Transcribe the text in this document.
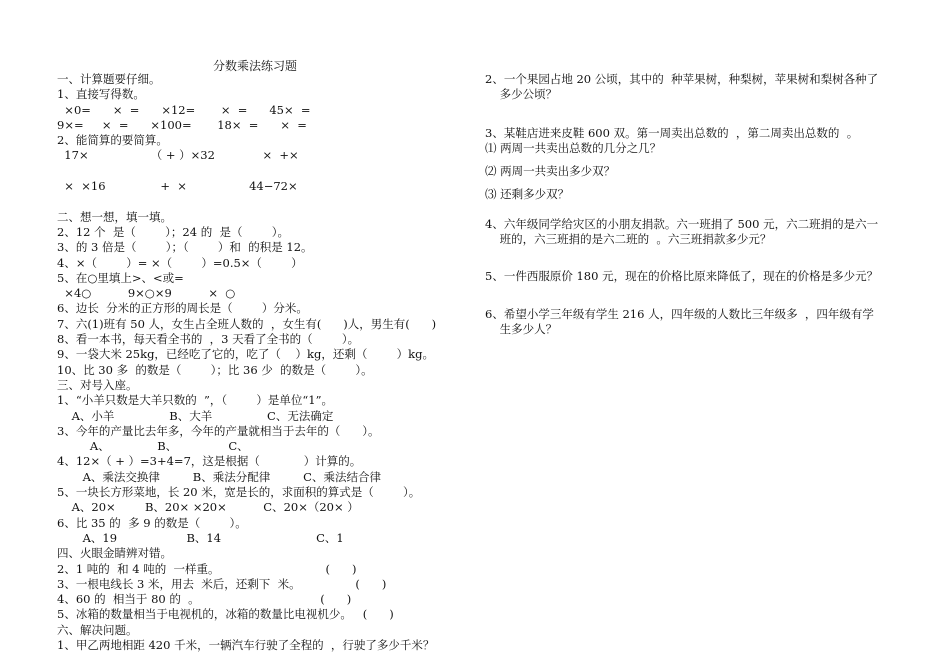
分数乘法练习题
一、计算题要仔细。
1、直接写得数。
×0=      ×  =      ×12=       ×  =      45×  =
9×=     ×  =      ×100=       18×  =      ×  =
2、能简算的要简算。
17×                 （ + ）×32             ×  +×
×  ×16               +  ×                 44−72×
二、想一想，填一填。
2、12 个  是（        ）；24 的  是（        ）。
3、的 3 倍是（        ）；（        ）和  的积是 12。
4、×（        ）= ×（        ）=0.5×（        ）
5、在○里填上>、<或=
×4○          9×○×9          ×  ○
6、边长  分米的正方形的周长是（        ）分米。
7、六(1)班有 50 人，女生占全班人数的  ，女生有(      )人，男生有(      )
8、看一本书，每天看全书的  ，3 天看了全书的（        ）。
9、一袋大米 25kg，已经吃了它的，吃了（    ）kg，还剩（        ）kg。
10、比 30 多  的数是（        ）；比 36 少  的数是（        ）。
三、对号入座。
1、“小羊只数是大羊只数的  ”，（        ）是单位“1”。
A、小羊               B、大羊               C、无法确定
3、今年的产量比去年多，今年的产量就相当于去年的（      ）。
A、             B、              C、
4、12×（ + ）=3+4=7，这是根据（            ）计算的。
A、乘法交换律         B、乘法分配律         C、乘法结合律
5、一块长方形菜地，长 20 米，宽是长的，求面积的算式是（        ）。
A、20×        B、20× ×20×          C、20×（20× ）
6、比 35 的  多 9 的数是（        ）。
A、19                   B、14                          C、1
四、火眼金睛辨对错。
2、1 吨的  和 4 吨的  一样重。                             (      )
3、一根电线长 3 米，用去  米后，还剩下  米。               (      )
4、60 的  相当于 80 的  。                                 (      )
5、冰箱的数量相当于电视机的，冰箱的数量比电视机少。   (      )
六、解决问题。
1、甲乙两地相距 420 千米，一辆汽车行驶了全程的  ，行驶了多少千米？
2、一个果园占地 20 公顷，其中的  种苹果树，种梨树，苹果树和梨树各种了
多少公顷？
3、某鞋店进来皮鞋 600 双。第一周卖出总数的  ，第二周卖出总数的  。
⑴ 两周一共卖出总数的几分之几？
⑵ 两周一共卖出多少双？
⑶ 还剩多少双？
4、六年级同学给灾区的小朋友捐款。六一班捐了 500 元，六二班捐的是六一
班的，六三班捐的是六二班的  。六三班捐款多少元？
5、一件西服原价 180 元，现在的价格比原来降低了，现在的价格是多少元？
6、希望小学三年级有学生 216 人，四年级的人数比三年级多  ，四年级有学
生多少人？
